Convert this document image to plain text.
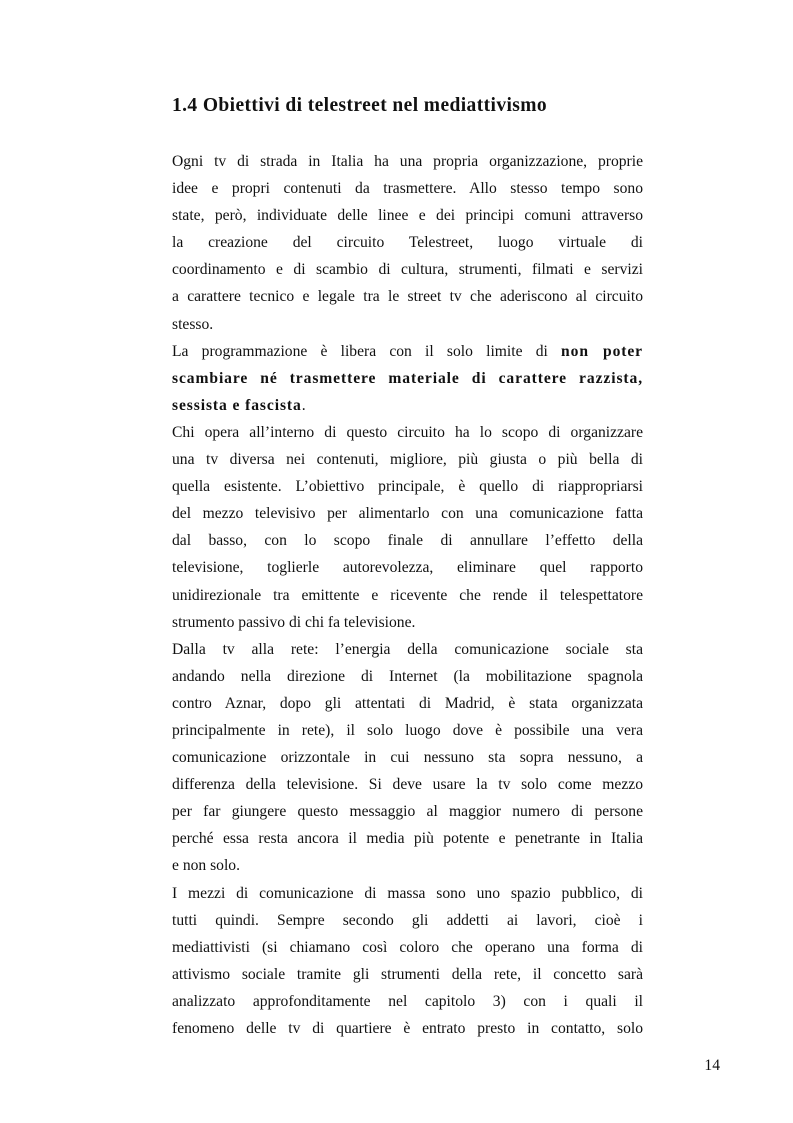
1.4 Obiettivi di telestreet nel mediattivismo
Ogni tv di strada in Italia ha una propria organizzazione, proprie
idee e propri contenuti da trasmettere. Allo stesso tempo sono
state, però, individuate delle linee e dei principi comuni attraverso
la creazione del circuito Telestreet, luogo virtuale di
coordinamento e di scambio di cultura, strumenti, filmati e servizi
a carattere tecnico e legale tra le street tv che aderiscono al circuito
stesso.
La programmazione è libera con il solo limite di non poter
scambiare né trasmettere materiale di carattere razzista,
sessista e fascista.
Chi opera all’interno di questo circuito ha lo scopo di organizzare
una tv diversa nei contenuti, migliore, più giusta o più bella di
quella esistente. L’obiettivo principale, è quello di riappropriarsi
del mezzo televisivo per alimentarlo con una comunicazione fatta
dal basso, con lo scopo finale di annullare l’effetto della
televisione, toglierle autorevolezza, eliminare quel rapporto
unidirezionale tra emittente e ricevente che rende il telespettatore
strumento passivo di chi fa televisione.
Dalla tv alla rete: l’energia della comunicazione sociale sta
andando nella direzione di Internet (la mobilitazione spagnola
contro Aznar, dopo gli attentati di Madrid, è stata organizzata
principalmente in rete), il solo luogo dove è possibile una vera
comunicazione orizzontale in cui nessuno sta sopra nessuno, a
differenza della televisione. Si deve usare la tv solo come mezzo
per far giungere questo messaggio al maggior numero di persone
perché essa resta ancora il media più potente e penetrante in Italia
e non solo.
I mezzi di comunicazione di massa sono uno spazio pubblico, di
tutti quindi. Sempre secondo gli addetti ai lavori, cioè i
mediattivisti (si chiamano così coloro che operano una forma di
attivismo sociale tramite gli strumenti della rete, il concetto sarà
analizzato approfonditamente nel capitolo 3) con i quali il
fenomeno delle tv di quartiere è entrato presto in contatto, solo
14
